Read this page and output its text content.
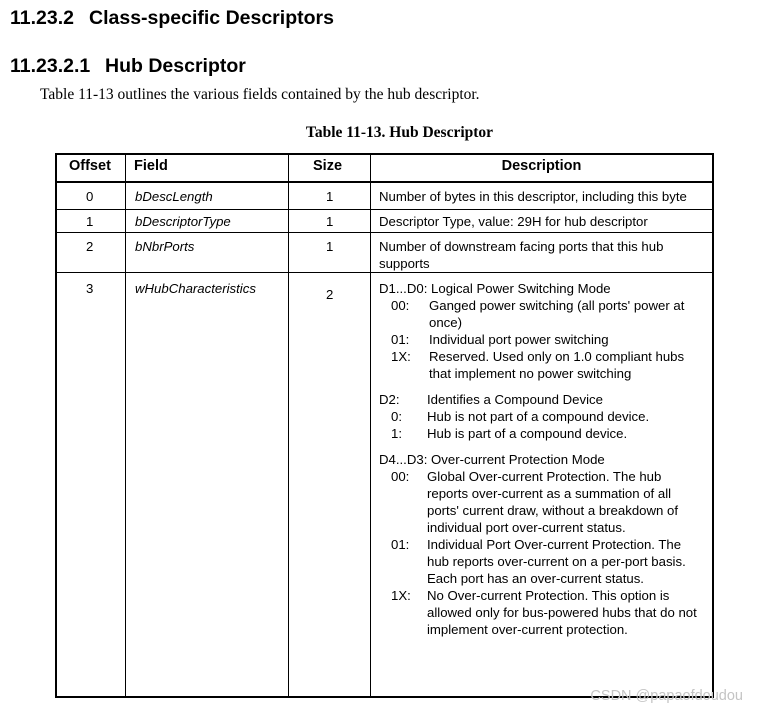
11.23.2 Class-specific Descriptors
11.23.2.1 Hub Descriptor

Table 11-13 outlines the various fields contained by the hub descriptor.

Table 11-13. Hub Descriptor

Offset Field	Size	Description
0	bDescLength	1	Number of bytes in this descriptor, including this byte
1	bDescriptorType	1	Descriptor Type, value: 29H for hub descriptor
2	bNbrPorts	1	Number of downstream facing ports that this hub
supports
3	wHubCharacteristics	2	D1...D0: Logical Power Switching Mode
00: Ganged power switching (all ports' power at
once)
01: Individual port power switching
1X: Reserved. Used only on 1.0 compliant hubs
that implement no power switching
D2: Identifies a Compound Device
0: Hub is not part of a compound device.
1: Hub is part of a compound device.
D4...D3: Over-current Protection Mode
00: Global Over-current Protection. The hub
reports over-current as a summation of all
ports' current draw, without a breakdown of
individual port over-current status.
01: Individual Port Over-current Protection. The
hub reports over-current on a per-port basis.
Each port has an over-current status.
1X: No Over-current Protection. This option is
allowed only for bus-powered hubs that do not
implement over-current protection.
CSDN @papaofdoudou
